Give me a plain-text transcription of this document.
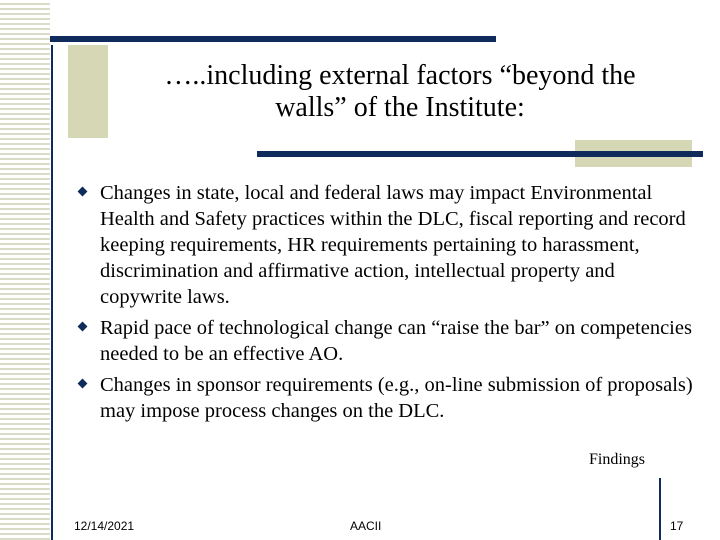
…..including external factors “beyond the
walls” of the Institute:
Changes in state, local and federal laws may impact Environmental Health and Safety practices within the DLC, fiscal reporting and record keeping requirements, HR requirements pertaining to harassment, discrimination and affirmative action, intellectual property and copywrite laws.
Rapid pace of technological change can “raise the bar” on competencies needed to be an effective AO.
Changes in sponsor requirements (e.g., on-line submission of proposals) may impose process changes on the DLC.
Findings
12/14/2021	AACII	17
